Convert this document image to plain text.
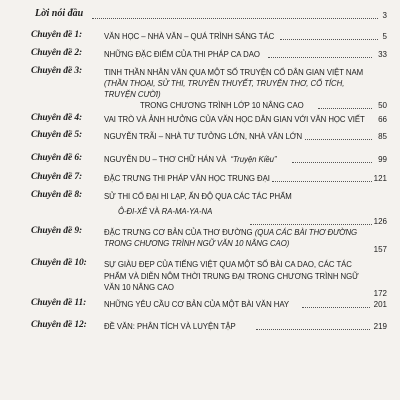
Lời nói đầu	3
Chuyên đề 1:	VĂN HỌC – NHÀ VĂN – QUÁ TRÌNH SÁNG TÁC	5
Chuyên đề 2:	NHỮNG ĐẶC ĐIỂM CỦA THI PHÁP CA DAO	33
Chuyên đề 3:	TINH THẦN NHÂN VĂN QUA MỘT SỐ TRUYỆN CỔ DÂN GIAN VIỆT NAM
(THẦN THOẠI, SỬ THI, TRUYỀN THUYẾT, TRUYỆN THƠ, CỔ TÍCH, TRUYỆN CƯỜI)
TRONG CHƯƠNG TRÌNH LỚP 10 NÂNG CAO	50
Chuyên đề 4:	VAI TRÒ VÀ ẢNH HƯỞNG CỦA VĂN HỌC DÂN GIAN VỚI VĂN HỌC VIẾT	66
Chuyên đề 5:	NGUYỄN TRÃI – NHÀ TƯ TƯỞNG LỚN, NHÀ VĂN LỚN	85
Chuyên đề 6:	NGUYỄN DU – THƠ CHỮ HÁN VÀ “Truyện Kiều”	99
Chuyên đề 7:	ĐẶC TRƯNG THI PHÁP VĂN HỌC TRUNG ĐẠI	121
Chuyên đề 8:	SỬ THI CỔ ĐẠI HI LẠP, ẤN ĐỘ QUA CÁC TÁC PHẨM
Ô-ĐI-XÊ VÀ RA-MA-YA-NA
126
Chuyên đề 9:	ĐẶC TRƯNG CƠ BẢN CỦA THƠ ĐƯỜNG (QUA CÁC BÀI THƠ ĐƯỜNG TRONG CHƯƠNG TRÌNH NGỮ VĂN 10 NÂNG CAO)
157
Chuyên đề 10: SỰ GIÀU ĐẸP CỦA TIẾNG VIỆT QUA MỘT SỐ BÀI CA DAO, CÁC TÁC PHẨM VÀ DIỄN NÔM THỜI TRUNG ĐẠI TRONG CHƯƠNG TRÌNH NGỮ VĂN 10 NÂNG CAO
172
Chuyên đề 11: NHỮNG YÊU CẦU CƠ BẢN CỦA MỘT BÀI VĂN HAY	201
Chuyên đề 12: ĐỀ VĂN: PHÂN TÍCH VÀ LUYỆN TẬP	219
